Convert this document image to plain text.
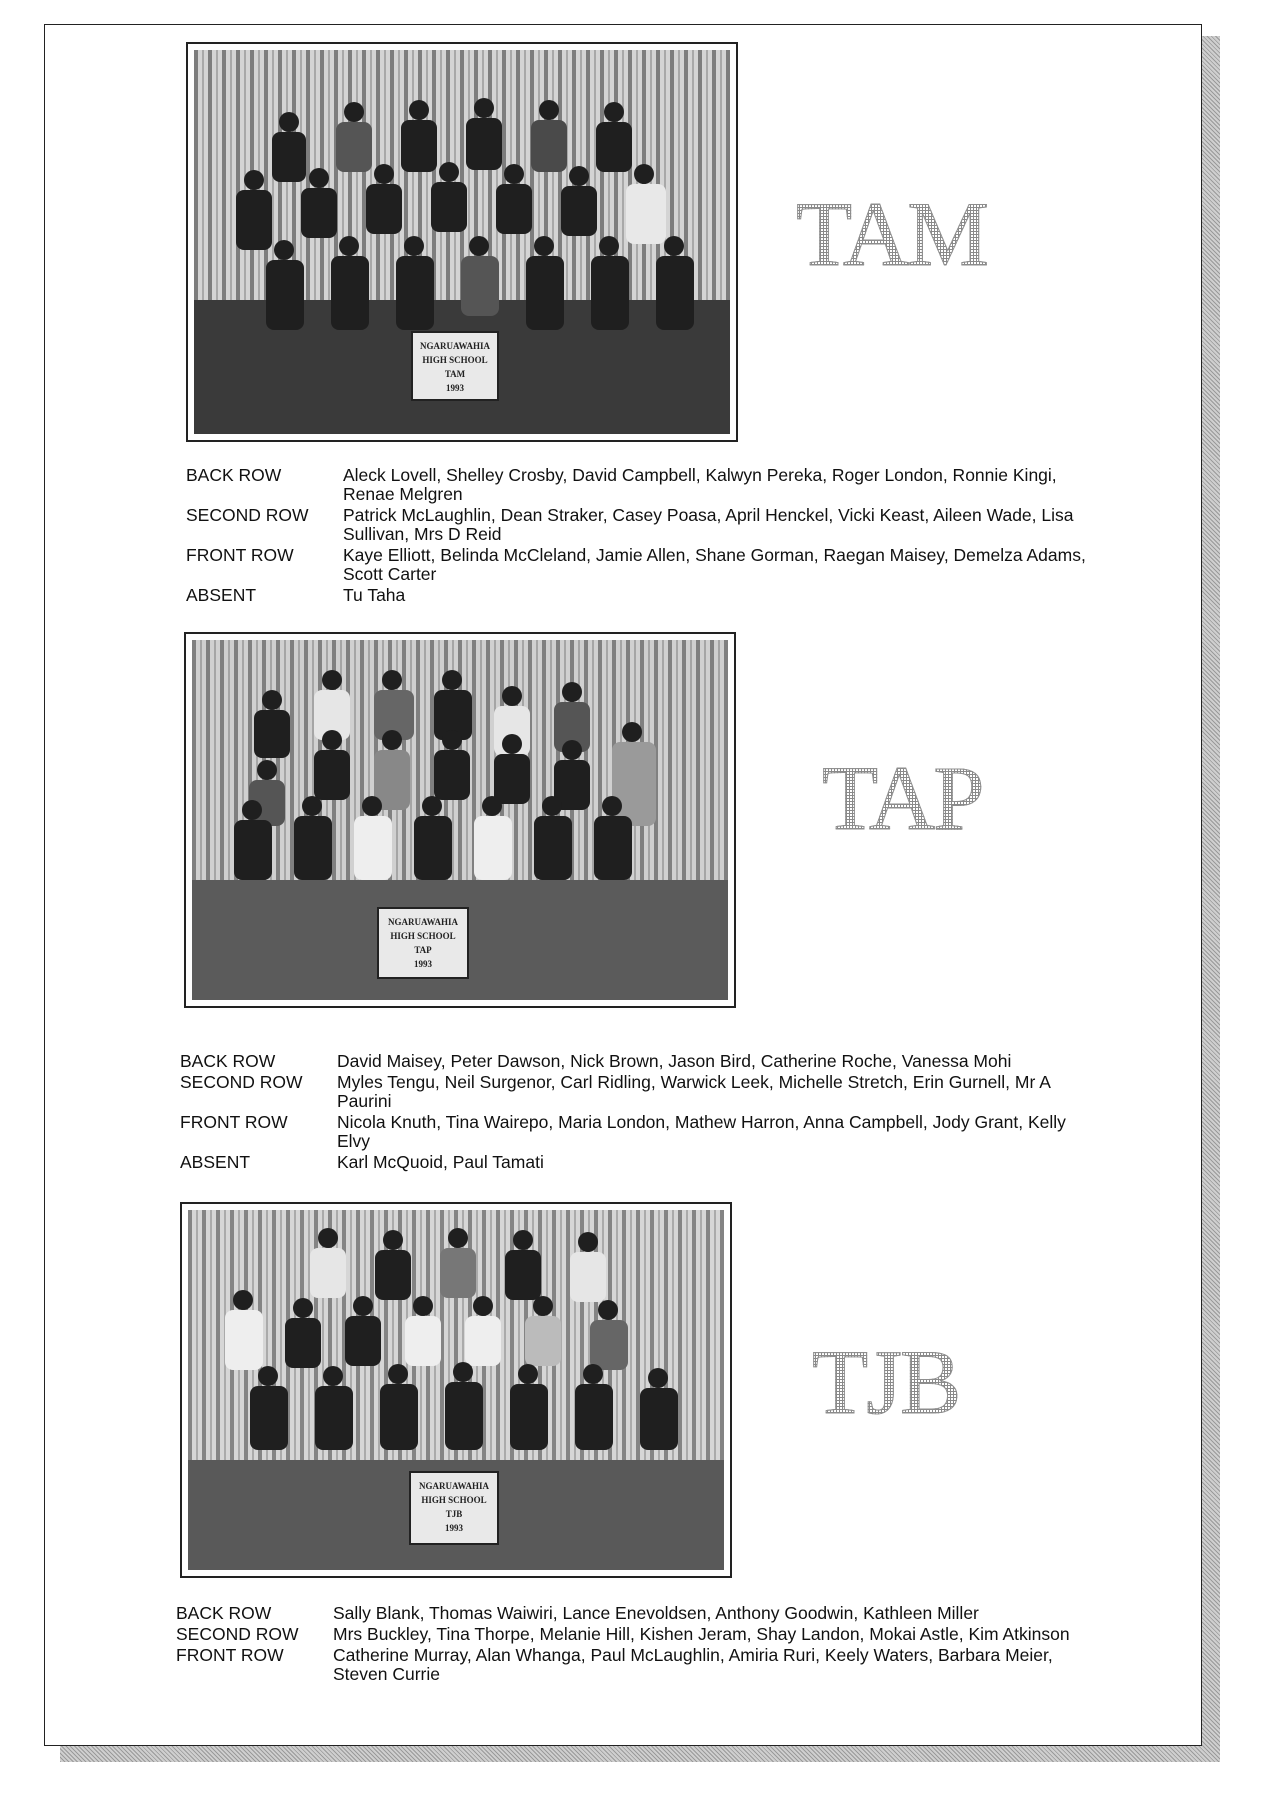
NGARUAWAHIA
HIGH SCHOOL
TAM
1993
TAM
BACK ROW	Aleck Lovell, Shelley Crosby, David Campbell, Kalwyn Pereka, Roger London, Ronnie Kingi, Renae Melgren
SECOND ROW	Patrick McLaughlin, Dean Straker, Casey Poasa, April Henckel, Vicki Keast, Aileen Wade, Lisa Sullivan, Mrs D Reid
FRONT ROW	Kaye Elliott, Belinda McCleland, Jamie Allen, Shane Gorman, Raegan Maisey, Demelza Adams, Scott Carter
ABSENT	Tu Taha
NGARUAWAHIA
HIGH SCHOOL
TAP
1993
TAP
BACK ROW	David Maisey, Peter Dawson, Nick Brown, Jason Bird, Catherine Roche, Vanessa Mohi
SECOND ROW	Myles Tengu, Neil Surgenor, Carl Ridling, Warwick Leek, Michelle Stretch, Erin Gurnell, Mr A Paurini
FRONT ROW	Nicola Knuth, Tina Wairepo, Maria London, Mathew Harron, Anna Campbell, Jody Grant, Kelly Elvy
ABSENT	Karl McQuoid, Paul Tamati
NGARUAWAHIA
HIGH SCHOOL
TJB
1993
TJB
BACK ROW	Sally Blank, Thomas Waiwiri, Lance Enevoldsen, Anthony Goodwin, Kathleen Miller
SECOND ROW	Mrs Buckley, Tina Thorpe, Melanie Hill, Kishen Jeram, Shay Landon, Mokai Astle, Kim Atkinson
FRONT ROW	Catherine Murray, Alan Whanga, Paul McLaughlin, Amiria Ruri, Keely Waters, Barbara Meier, Steven Currie
